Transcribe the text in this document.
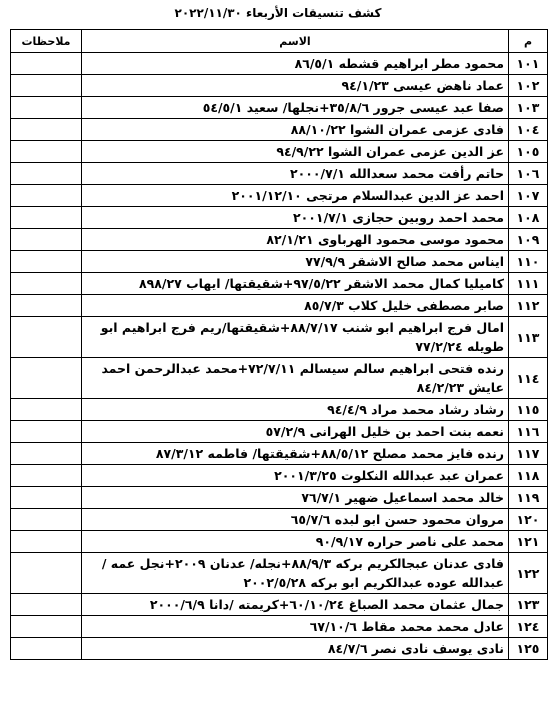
كشف تنسيقات الأربعاء ٢٠٢٢/١١/٣٠
م	الاسم	ملاحظات
١٠١	محمود مطر ابراهيم قشطه ٨٦/٥/١	
١٠٢	عماد ناهض عيسى ٩٤/١/٢٣	
١٠٣	صفا عبد عيسى جرور ٣٥/٨/٦+نجلها/ سعيد ٥٤/٥/١	
١٠٤	فادى عزمى عمران الشوا ٨٨/١٠/٢٢	
١٠٥	عز الدين عزمى عمران الشوا ٩٤/٩/٢٢	
١٠٦	حاتم رأفت محمد سعدالله ٢٠٠٠/٧/١	
١٠٧	احمد عز الدين عبدالسلام مرتجى ٢٠٠١/١٢/١٠	
١٠٨	محمد احمد روبين حجازى ٢٠٠١/٧/١	
١٠٩	محمود موسى محمود الهرباوى ٨٢/١/٢١	
١١٠	ايناس محمد صالح الاشقر ٧٧/٩/٩	
١١١	كاميليا كمال محمد الاشقر ٩٧/٥/٢٢+شقيقتها/ ايهاب ٨٩٨/٢٧	
١١٢	صابر مصطفى خليل كلاب ٨٥/٧/٣	
١١٣	امال فرج ابراهيم ابو شنب ٨٨/٧/١٧+شقيقتها/ريم فرج ابراهيم ابو طويله ٧٧/٢/٢٤	
١١٤	رنده فتحى ابراهيم سالم سيسالم ٧٢/٧/١١+محمد عبدالرحمن احمد عايش ٨٤/٢/٢٣	
١١٥	رشاد رشاد محمد مراد ٩٤/٤/٩	
١١٦	نعمه بنت احمد بن خليل الهرانى ٥٧/٢/٩	
١١٧	رنده فايز محمد مصلح ٨٨/٥/١٢+شقيقتها/ فاطمه ٨٧/٣/١٢	
١١٨	عمران عبد عبدالله النكلوت ٢٠٠١/٣/٢٥	
١١٩	خالد محمد اسماعيل ضهير ٧٦/٧/١	
١٢٠	مروان محمود حسن ابو لبده ٦٥/٧/٦	
١٢١	محمد على ناصر حراره ٩٠/٩/١٧	
١٢٢	فادى عدنان عبجالكريم بركه ٨٨/٩/٣+نجله/ عدنان ٢٠٠٩+نجل عمه /عبدالله عوده عبدالكريم ابو بركه ٢٠٠٢/٥/٢٨	
١٢٣	جمال عثمان محمد الصباغ ٦٠/١٠/٢٤+كريمته /دانا ٢٠٠٠/٦/٩	
١٢٤	عادل محمد محمد مقاط ٦٧/١٠/٦	
١٢٥	نادى يوسف نادى نصر ٨٤/٧/٦	
